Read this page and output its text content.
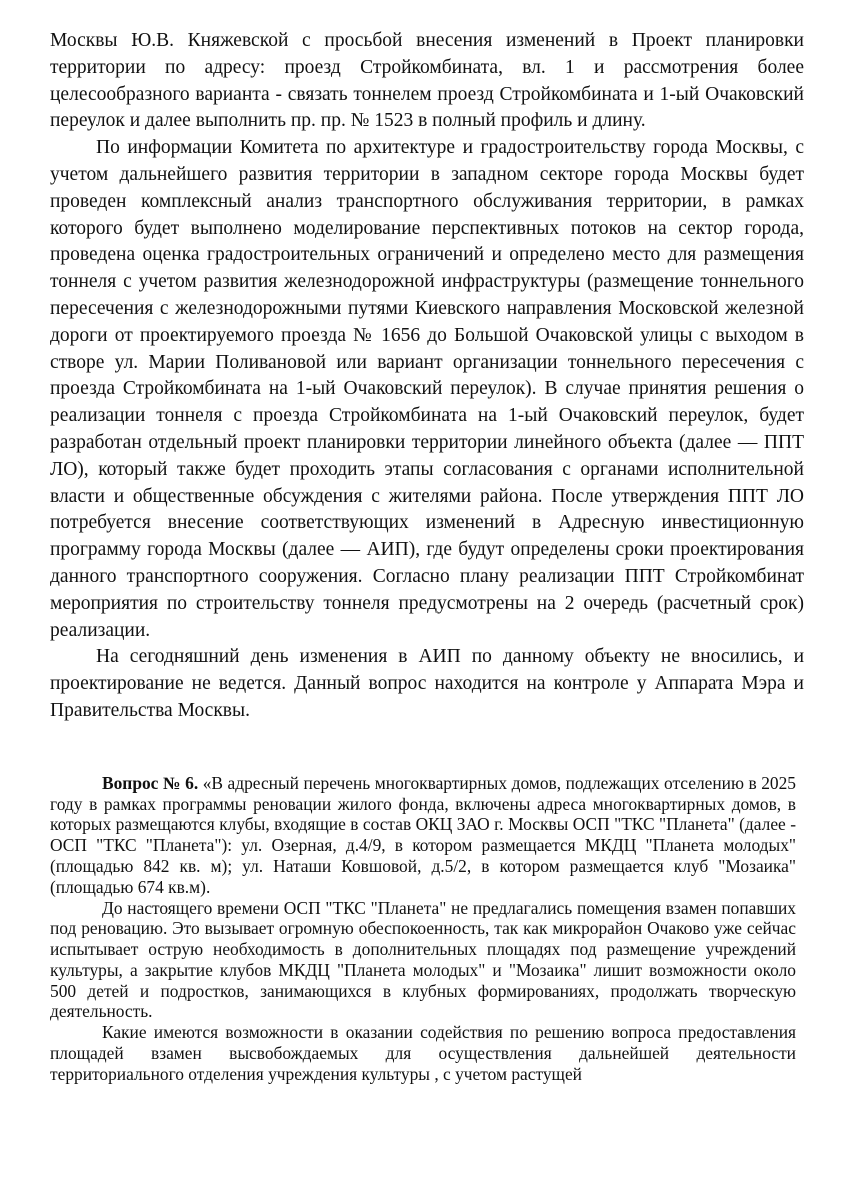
Москвы Ю.В. Княжевской с просьбой внесения изменений в Проект планировки территории по адресу: проезд Стройкомбината, вл. 1 и рассмотрения более целесообразного варианта - связать тоннелем проезд Стройкомбината и 1-ый Очаковский переулок и далее выполнить пр. пр. № 1523 в полный профиль и длину.

По информации Комитета по архитектуре и градостроительству города Москвы, с учетом дальнейшего развития территории в западном секторе города Москвы будет проведен комплексный анализ транспортного обслуживания территории, в рамках которого будет выполнено моделирование перспективных потоков на сектор города, проведена оценка градостроительных ограничений и определено место для размещения тоннеля с учетом развития железнодорожной инфраструктуры (размещение тоннельного пересечения с железнодорожными путями Киевского направления Московской железной дороги от проектируемого проезда № 1656 до Большой Очаковской улицы с выходом в створе ул. Марии Поливановой или вариант организации тоннельного пересечения с проезда Стройкомбината на 1-ый Очаковский переулок). В случае принятия решения о реализации тоннеля с проезда Стройкомбината на 1-ый Очаковский переулок, будет разработан отдельный проект планировки территории линейного объекта (далее — ППТ ЛО), который также будет проходить этапы согласования с органами исполнительной власти и общественные обсуждения с жителями района. После утверждения ППТ ЛО потребуется внесение соответствующих изменений в Адресную инвестиционную программу города Москвы (далее — АИП), где будут определены сроки проектирования данного транспортного сооружения. Согласно плану реализации ППТ Стройкомбинат мероприятия по строительству тоннеля предусмотрены на 2 очередь (расчетный срок) реализации.

На сегодняшний день изменения в АИП по данному объекту не вносились, и проектирование не ведется. Данный вопрос находится на контроле у Аппарата Мэра и Правительства Москвы.

Вопрос № 6. «В адресный перечень многоквартирных домов, подлежащих отселению в 2025 году в рамках программы реновации жилого фонда, включены адреса многоквартирных домов, в которых размещаются клубы, входящие в состав ОКЦ ЗАО г. Москвы ОСП "ТКС "Планета" (далее - ОСП "ТКС "Планета"): ул. Озерная, д.4/9, в котором размещается МКДЦ "Планета молодых" (площадью 842 кв. м); ул. Наташи Ковшовой, д.5/2, в котором размещается клуб "Мозаика" (площадью 674 кв.м).

До настоящего времени ОСП "ТКС "Планета" не предлагались помещения взамен попавших под реновацию. Это вызывает огромную обеспокоенность, так как микрорайон Очаково уже сейчас испытывает острую необходимость в дополнительных площадях под размещение учреждений культуры, а закрытие клубов МКДЦ "Планета молодых" и "Мозаика" лишит возможности около 500 детей и подростков, занимающихся в клубных формированиях, продолжать творческую деятельность.

Какие имеются возможности в оказании содействия по решению вопроса предоставления площадей взамен высвобождаемых для осуществления дальнейшей деятельности территориального отделения учреждения культуры , с учетом растущей
